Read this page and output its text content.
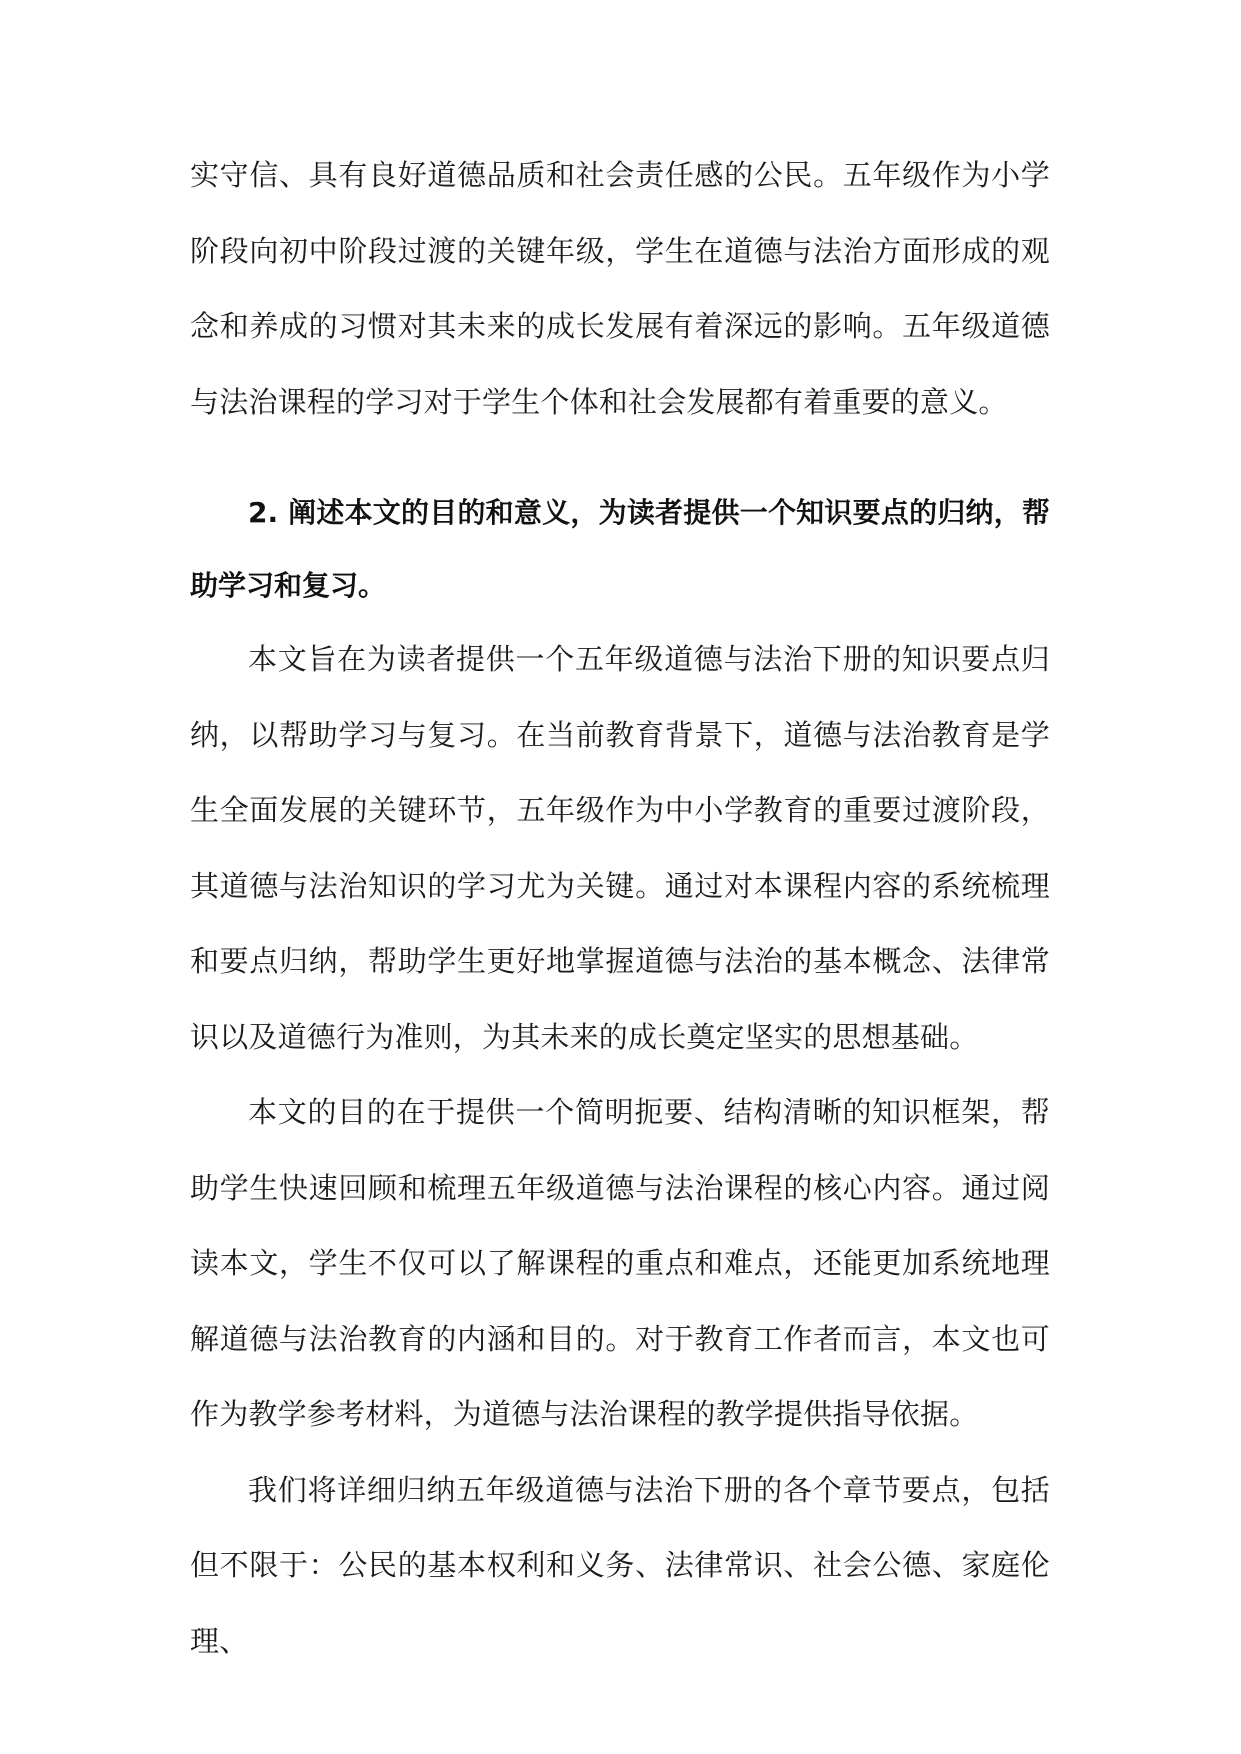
实守信、具有良好道德品质和社会责任感的公民。五年级作为小学阶段向初中阶段过渡的关键年级，学生在道德与法治方面形成的观念和养成的习惯对其未来的成长发展有着深远的影响。五年级道德与法治课程的学习对于学生个体和社会发展都有着重要的意义。

2. 阐述本文的目的和意义，为读者提供一个知识要点的归纳，帮助学习和复习。

本文旨在为读者提供一个五年级道德与法治下册的知识要点归纳，以帮助学习与复习。在当前教育背景下，道德与法治教育是学生全面发展的关键环节，五年级作为中小学教育的重要过渡阶段，其道德与法治知识的学习尤为关键。通过对本课程内容的系统梳理和要点归纳，帮助学生更好地掌握道德与法治的基本概念、法律常识以及道德行为准则，为其未来的成长奠定坚实的思想基础。

本文的目的在于提供一个简明扼要、结构清晰的知识框架，帮助学生快速回顾和梳理五年级道德与法治课程的核心内容。通过阅读本文，学生不仅可以了解课程的重点和难点，还能更加系统地理解道德与法治教育的内涵和目的。对于教育工作者而言，本文也可作为教学参考材料，为道德与法治课程的教学提供指导依据。

我们将详细归纳五年级道德与法治下册的各个章节要点，包括但不限于：公民的基本权利和义务、法律常识、社会公德、家庭伦理、
